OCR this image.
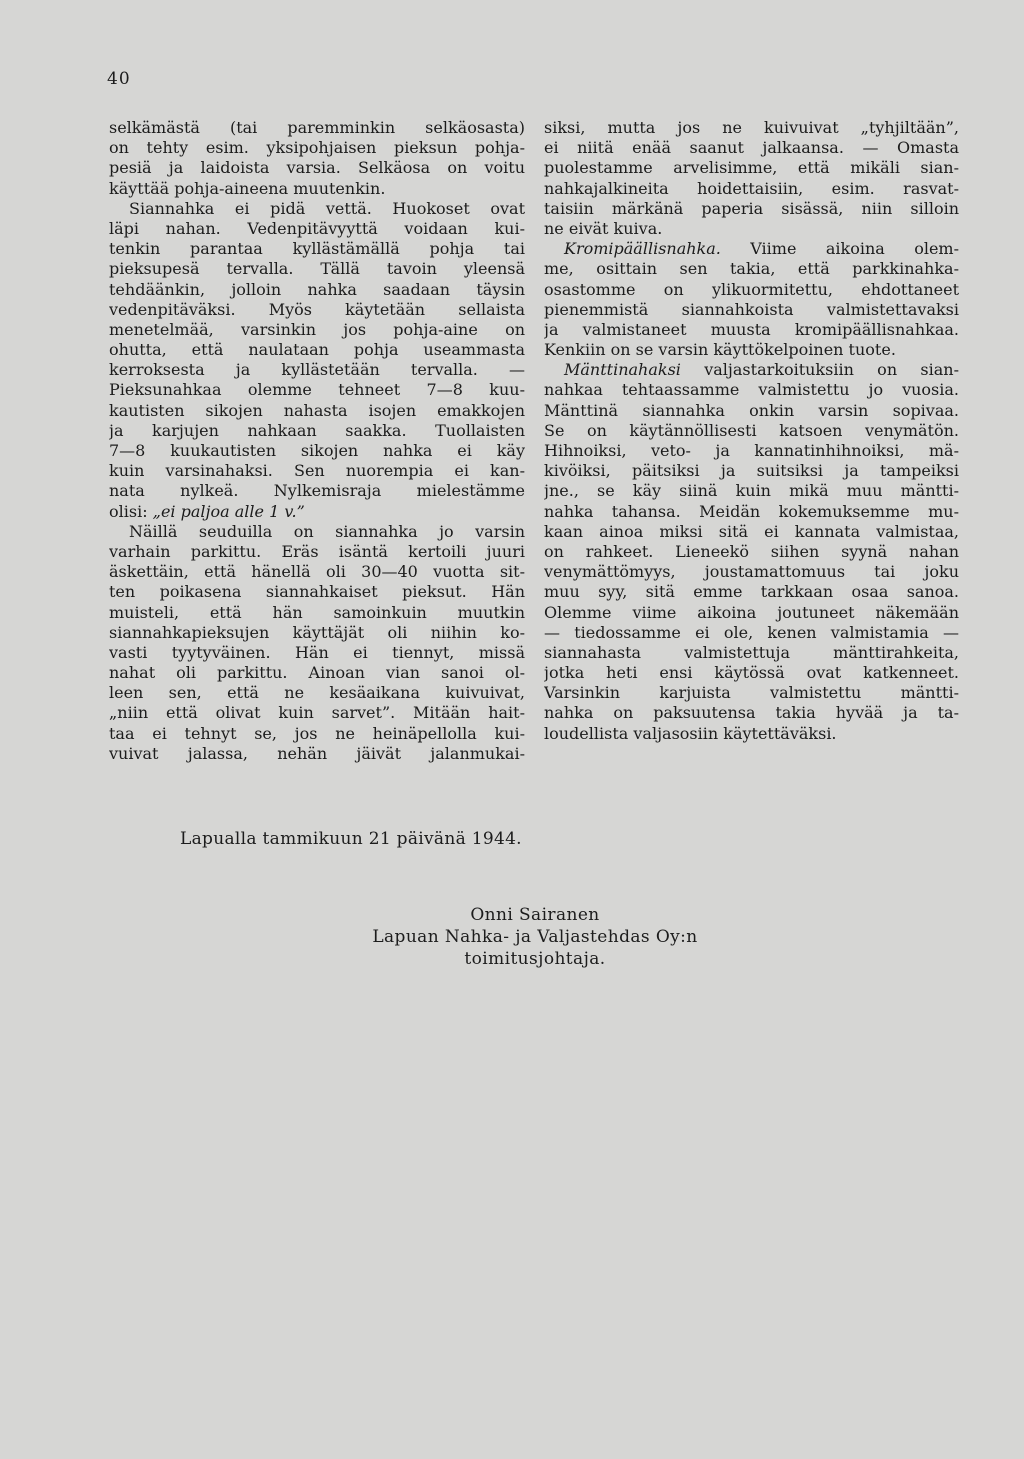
40
selkämästä (tai paremminkin selkäosasta)
on tehty esim. yksipohjaisen pieksun pohja-
pesiä ja laidoista varsia. Selkäosa on voitu
käyttää pohja-aineena muutenkin.
Siannahka ei pidä vettä. Huokoset ovat
läpi nahan. Vedenpitävyyttä voidaan kui-
tenkin parantaa kyllästämällä pohja tai
pieksupesä tervalla. Tällä tavoin yleensä
tehdäänkin, jolloin nahka saadaan täysin
vedenpitäväksi. Myös käytetään sellaista
menetelmää, varsinkin jos pohja-aine on
ohutta, että naulataan pohja useammasta
kerroksesta ja kyllästetään tervalla. —
Pieksunahkaa olemme tehneet 7—8 kuu-
kautisten sikojen nahasta isojen emakkojen
ja karjujen nahkaan saakka. Tuollaisten
7—8 kuukautisten sikojen nahka ei käy
kuin varsinahaksi. Sen nuorempia ei kan-
nata nylkeä. Nylkemisraja mielestämme
olisi: „ei paljoa alle 1 v.”
Näillä seuduilla on siannahka jo varsin
varhain parkittu. Eräs isäntä kertoili juuri
äskettäin, että hänellä oli 30—40 vuotta sit-
ten poikasena siannahkaiset pieksut. Hän
muisteli, että hän samoinkuin muutkin
siannahkapieksujen käyttäjät oli niihin ko-
vasti tyytyväinen. Hän ei tiennyt, missä
nahat oli parkittu. Ainoan vian sanoi ol-
leen sen, että ne kesäaikana kuivuivat,
„niin että olivat kuin sarvet”. Mitään hait-
taa ei tehnyt se, jos ne heinäpellolla kui-
vuivat jalassa, nehän jäivät jalanmukai-
siksi, mutta jos ne kuivuivat „tyhjiltään”,
ei niitä enää saanut jalkaansa. — Omasta
puolestamme arvelisimme, että mikäli sian-
nahkajalkineita hoidettaisiin, esim. rasvat-
taisiin märkänä paperia sisässä, niin silloin
ne eivät kuiva.
Kromipäällisnahka. Viime aikoina olem-
me, osittain sen takia, että parkkinahka-
osastomme on ylikuormitettu, ehdottaneet
pienemmistä siannahkoista valmistettavaksi
ja valmistaneet muusta kromipäällisnahkaa.
Kenkiin on se varsin käyttökelpoinen tuote.
Mänttinahaksi valjastarkoituksiin on sian-
nahkaa tehtaassamme valmistettu jo vuosia.
Mänttinä siannahka onkin varsin sopivaa.
Se on käytännöllisesti katsoen venymätön.
Hihnoiksi, veto- ja kannatinhihnoiksi, mä-
kivöiksi, päitsiksi ja suitsiksi ja tampeiksi
jne., se käy siinä kuin mikä muu mäntti-
nahka tahansa. Meidän kokemuksemme mu-
kaan ainoa miksi sitä ei kannata valmistaa,
on rahkeet. Lieneekö siihen syynä nahan
venymättömyys, joustamattomuus tai joku
muu syy, sitä emme tarkkaan osaa sanoa.
Olemme viime aikoina joutuneet näkemään
— tiedossamme ei ole, kenen valmistamia —
siannahasta valmistettuja mänttirahkeita,
jotka heti ensi käytössä ovat katkenneet.
Varsinkin karjuista valmistettu mäntti-
nahka on paksuutensa takia hyvää ja ta-
loudellista valjasosiin käytettäväksi.
Lapualla tammikuun 21 päivänä 1944.
Onni Sairanen
Lapuan Nahka- ja Valjastehdas Oy:n
toimitusjohtaja.
